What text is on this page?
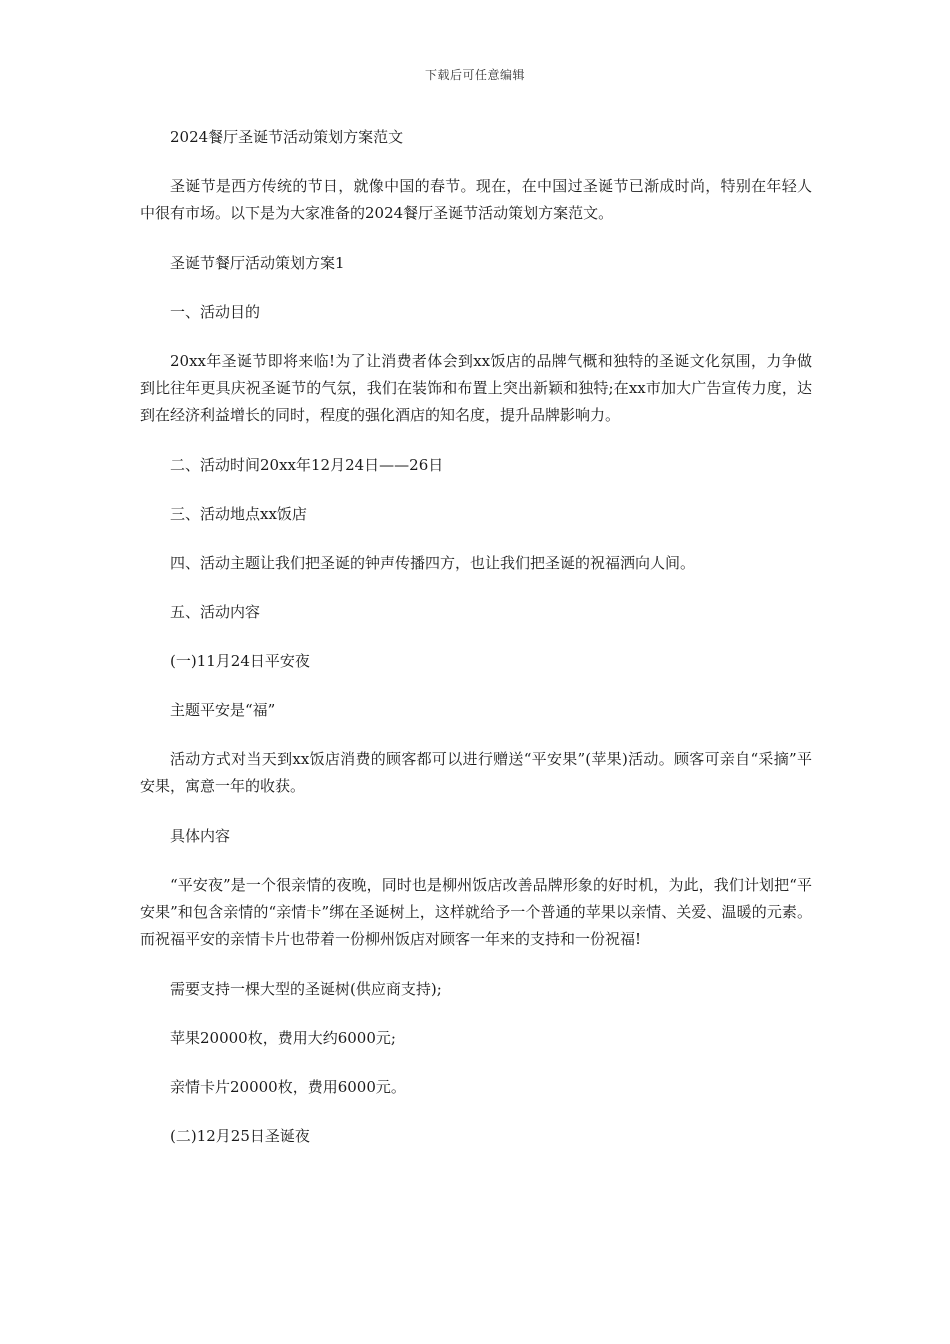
下载后可任意编辑

2024餐厅圣诞节活动策划方案范文

圣诞节是西方传统的节日，就像中国的春节。现在，在中国过圣诞节已渐成时尚，特别在年轻人中很有市场。以下是为大家准备的2024餐厅圣诞节活动策划方案范文。

圣诞节餐厅活动策划方案1

一、活动目的

20xx年圣诞节即将来临!为了让消费者体会到xx饭店的品牌气概和独特的圣诞文化氛围，力争做到比往年更具庆祝圣诞节的气氛，我们在装饰和布置上突出新颖和独特;在xx市加大广告宣传力度，达到在经济利益增长的同时，程度的强化酒店的知名度，提升品牌影响力。

二、活动时间20xx年12月24日——26日

三、活动地点xx饭店

四、活动主题让我们把圣诞的钟声传播四方，也让我们把圣诞的祝福洒向人间。

五、活动内容

(一)11月24日平安夜

主题平安是“福”

活动方式对当天到xx饭店消费的顾客都可以进行赠送“平安果”(苹果)活动。顾客可亲自“采摘”平安果，寓意一年的收获。

具体内容

“平安夜”是一个很亲情的夜晚，同时也是柳州饭店改善品牌形象的好时机，为此，我们计划把“平安果”和包含亲情的“亲情卡”绑在圣诞树上，这样就给予一个普通的苹果以亲情、关爱、温暖的元素。而祝福平安的亲情卡片也带着一份柳州饭店对顾客一年来的支持和一份祝福!

需要支持一棵大型的圣诞树(供应商支持);

苹果20000枚，费用大约6000元;

亲情卡片20000枚，费用6000元。

(二)12月25日圣诞夜
